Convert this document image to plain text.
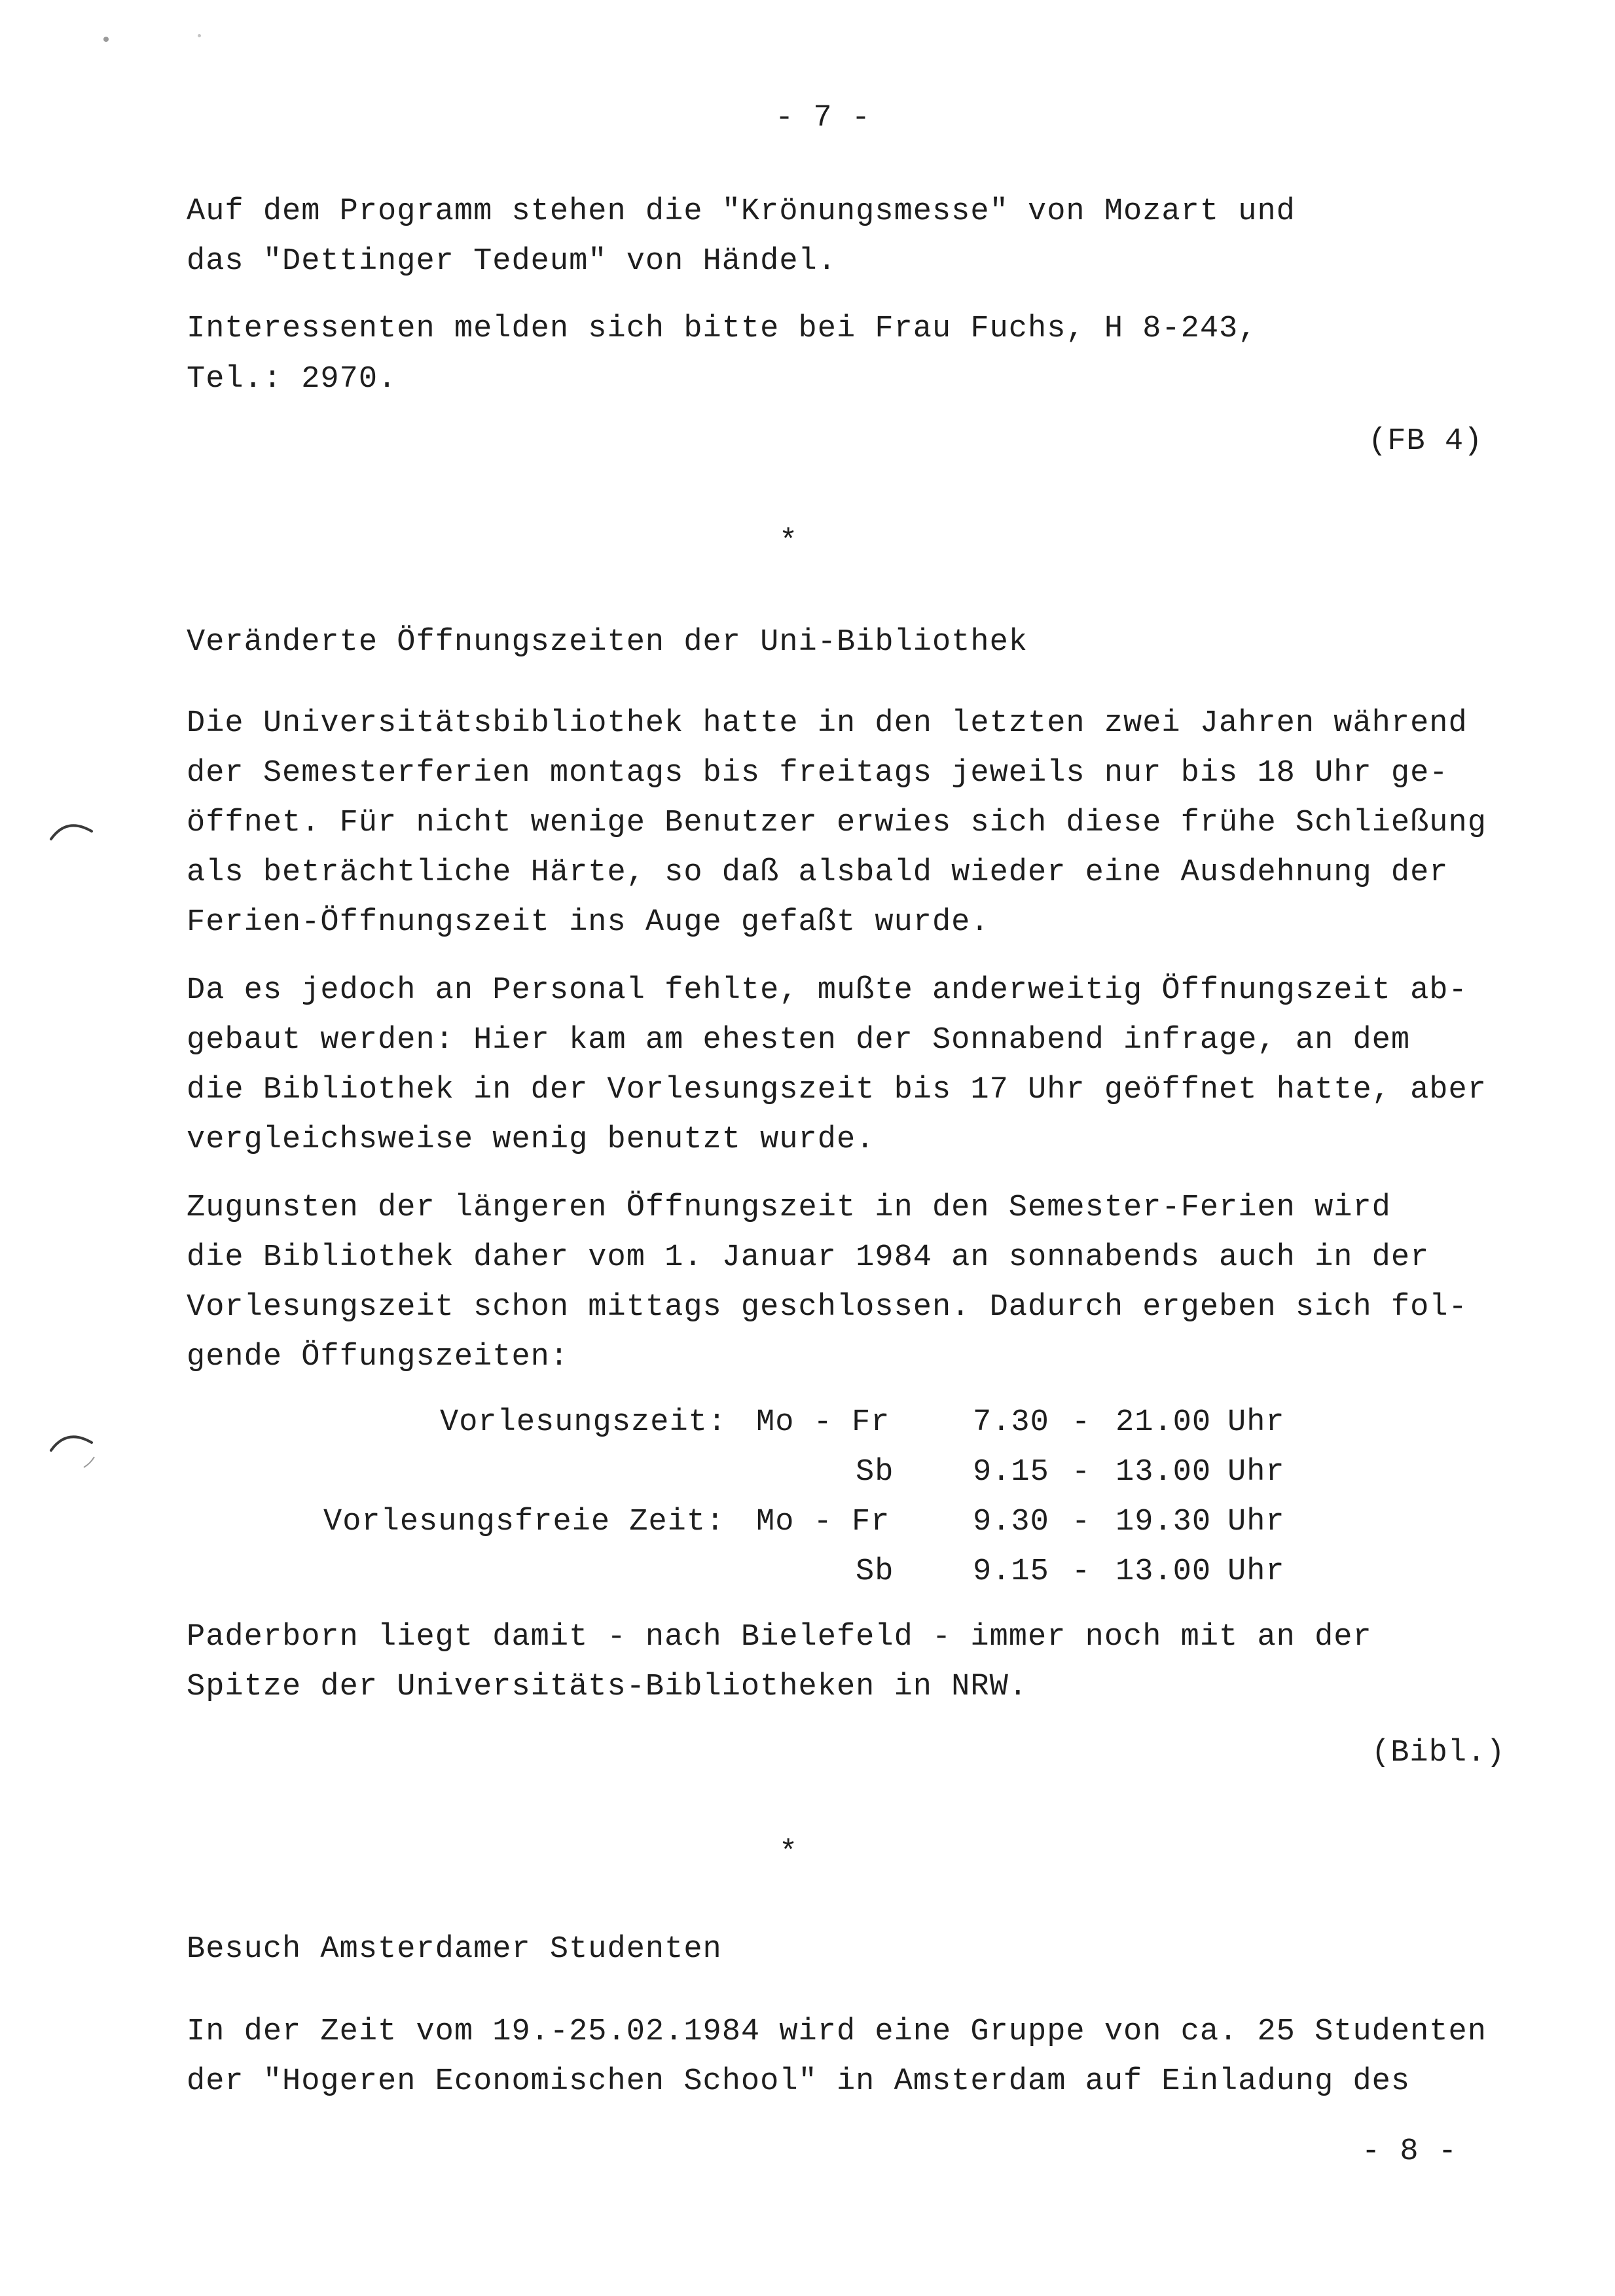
- 7 -
Auf dem Programm stehen die "Krönungsmesse" von Mozart und
das "Dettinger Tedeum" von Händel.
Interessenten melden sich bitte bei Frau Fuchs, H 8-243,
Tel.: 2970.
(FB 4)
*
Veränderte Öffnungszeiten der Uni-Bibliothek
Die Universitätsbibliothek hatte in den letzten zwei Jahren während
der Semesterferien montags bis freitags jeweils nur bis 18 Uhr ge-
öffnet. Für nicht wenige Benutzer erwies sich diese frühe Schließung
als beträchtliche Härte, so daß alsbald wieder eine Ausdehnung der
Ferien-Öffnungszeit ins Auge gefaßt wurde.
Da es jedoch an Personal fehlte, mußte anderweitig Öffnungszeit ab-
gebaut werden: Hier kam am ehesten der Sonnabend infrage, an dem
die Bibliothek in der Vorlesungszeit bis 17 Uhr geöffnet hatte, aber
vergleichsweise wenig benutzt wurde.
Zugunsten der längeren Öffnungszeit in den Semester-Ferien wird
die Bibliothek daher vom 1. Januar 1984 an sonnabends auch in der
Vorlesungszeit schon mittags geschlossen. Dadurch ergeben sich fol-
gende Öffungszeiten:
Vorlesungszeit: Mo - Fr	7.30 - 21.00 Uhr
Sb	9.15 - 13.00 Uhr
Vorlesungsfreie Zeit: Mo - Fr	9.30 - 19.30 Uhr
Sb	9.15 - 13.00 Uhr
Paderborn liegt damit - nach Bielefeld - immer noch mit an der
Spitze der Universitäts-Bibliotheken in NRW.
(Bibl.)
*
Besuch Amsterdamer Studenten
In der Zeit vom 19.-25.02.1984 wird eine Gruppe von ca. 25 Studenten
der "Hogeren Economischen School" in Amsterdam auf Einladung des
- 8 -
